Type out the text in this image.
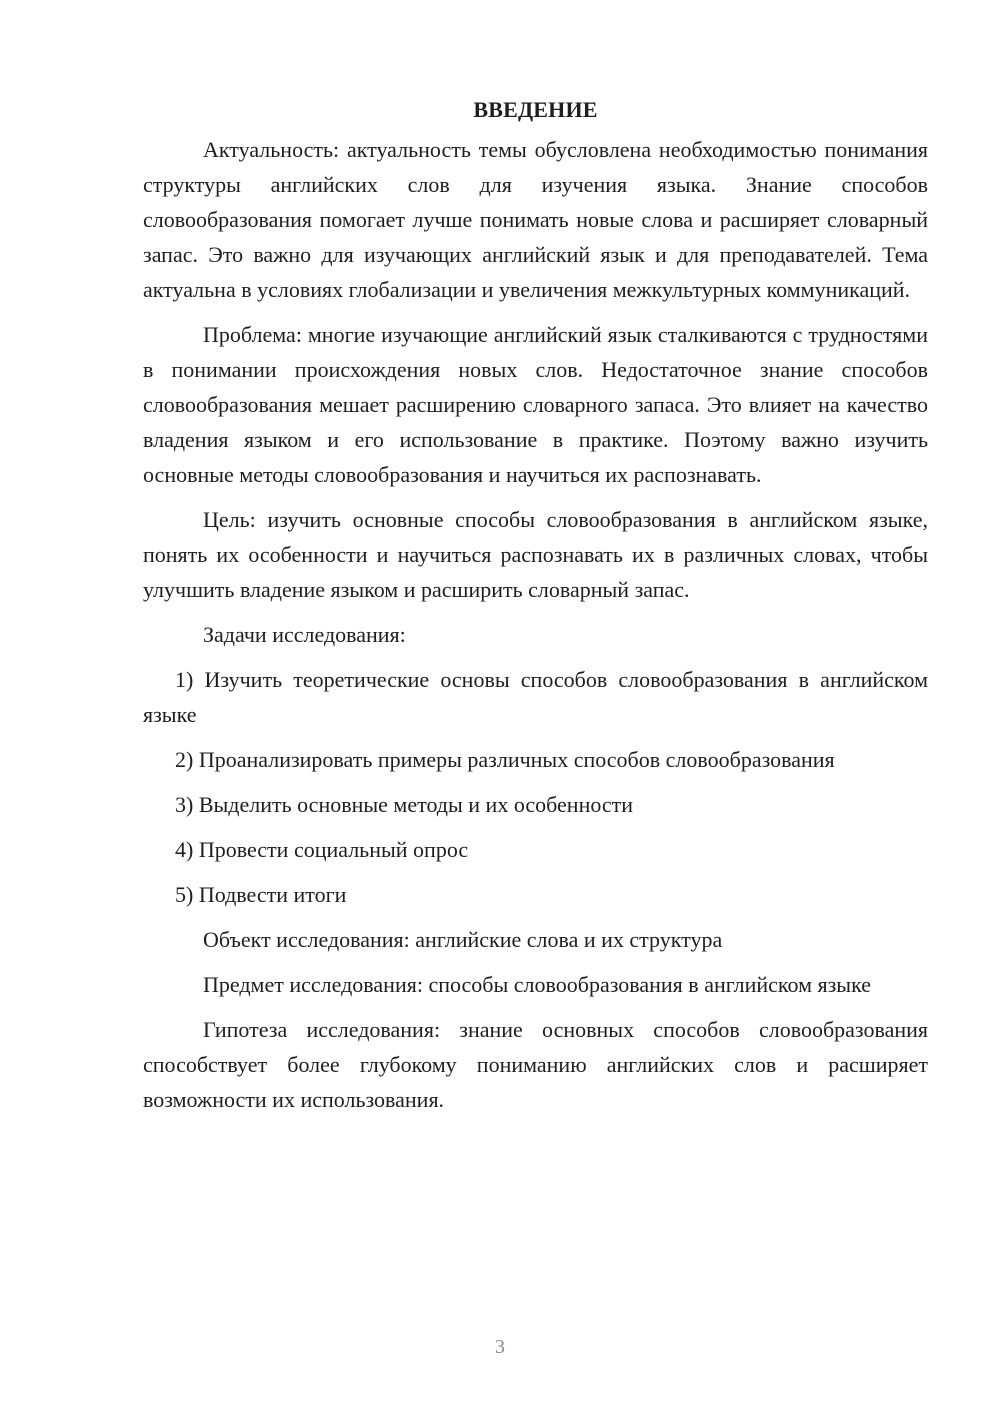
ВВЕДЕНИЕ

Актуальность: актуальность темы обусловлена необходимостью понимания структуры английских слов для изучения языка. Знание способов словообразования помогает лучше понимать новые слова и расширяет словарный запас. Это важно для изучающих английский язык и для преподавателей. Тема актуальна в условиях глобализации и увеличения межкультурных коммуникаций.

Проблема: многие изучающие английский язык сталкиваются с трудностями в понимании происхождения новых слов. Недостаточное знание способов словообразования мешает расширению словарного запаса. Это влияет на качество владения языком и его использование в практике. Поэтому важно изучить основные методы словообразования и научиться их распознавать.

Цель: изучить основные способы словообразования в английском языке, понять их особенности и научиться распознавать их в различных словах, чтобы улучшить владение языком и расширить словарный запас.

Задачи исследования:

1) Изучить теоретические основы способов словообразования в английском языке

2) Проанализировать примеры различных способов словообразования

3) Выделить основные методы и их особенности

4) Провести социальный опрос

5) Подвести итоги

Объект исследования: английские слова и их структура

Предмет исследования: способы словообразования в английском языке

Гипотеза исследования: знание основных способов словообразования способствует более глубокому пониманию английских слов и расширяет возможности их использования.

3
